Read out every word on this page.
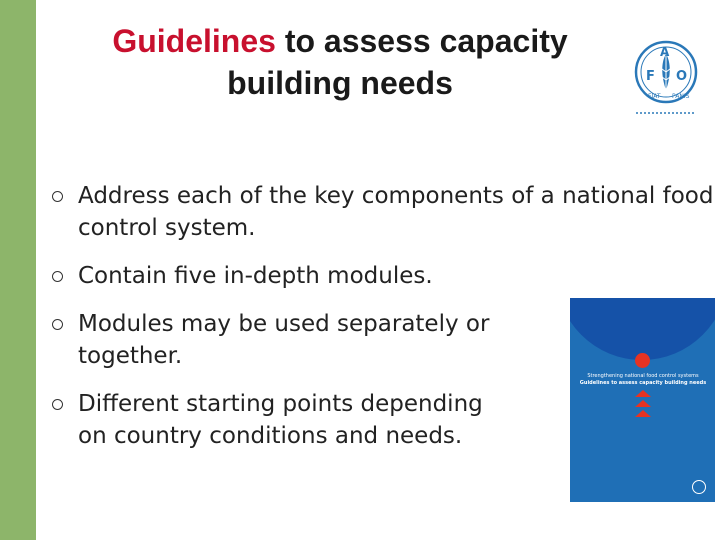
Guidelines to assess capacity building needs	F
A
O
FIAT PANIS
Address each of the key components of a national food control system.
Contain five in-depth modules.
Modules may be used separately or together.
Different starting points depending on country conditions and needs.
Strengthening national food control systems
Guidelines to assess capacity building needs
